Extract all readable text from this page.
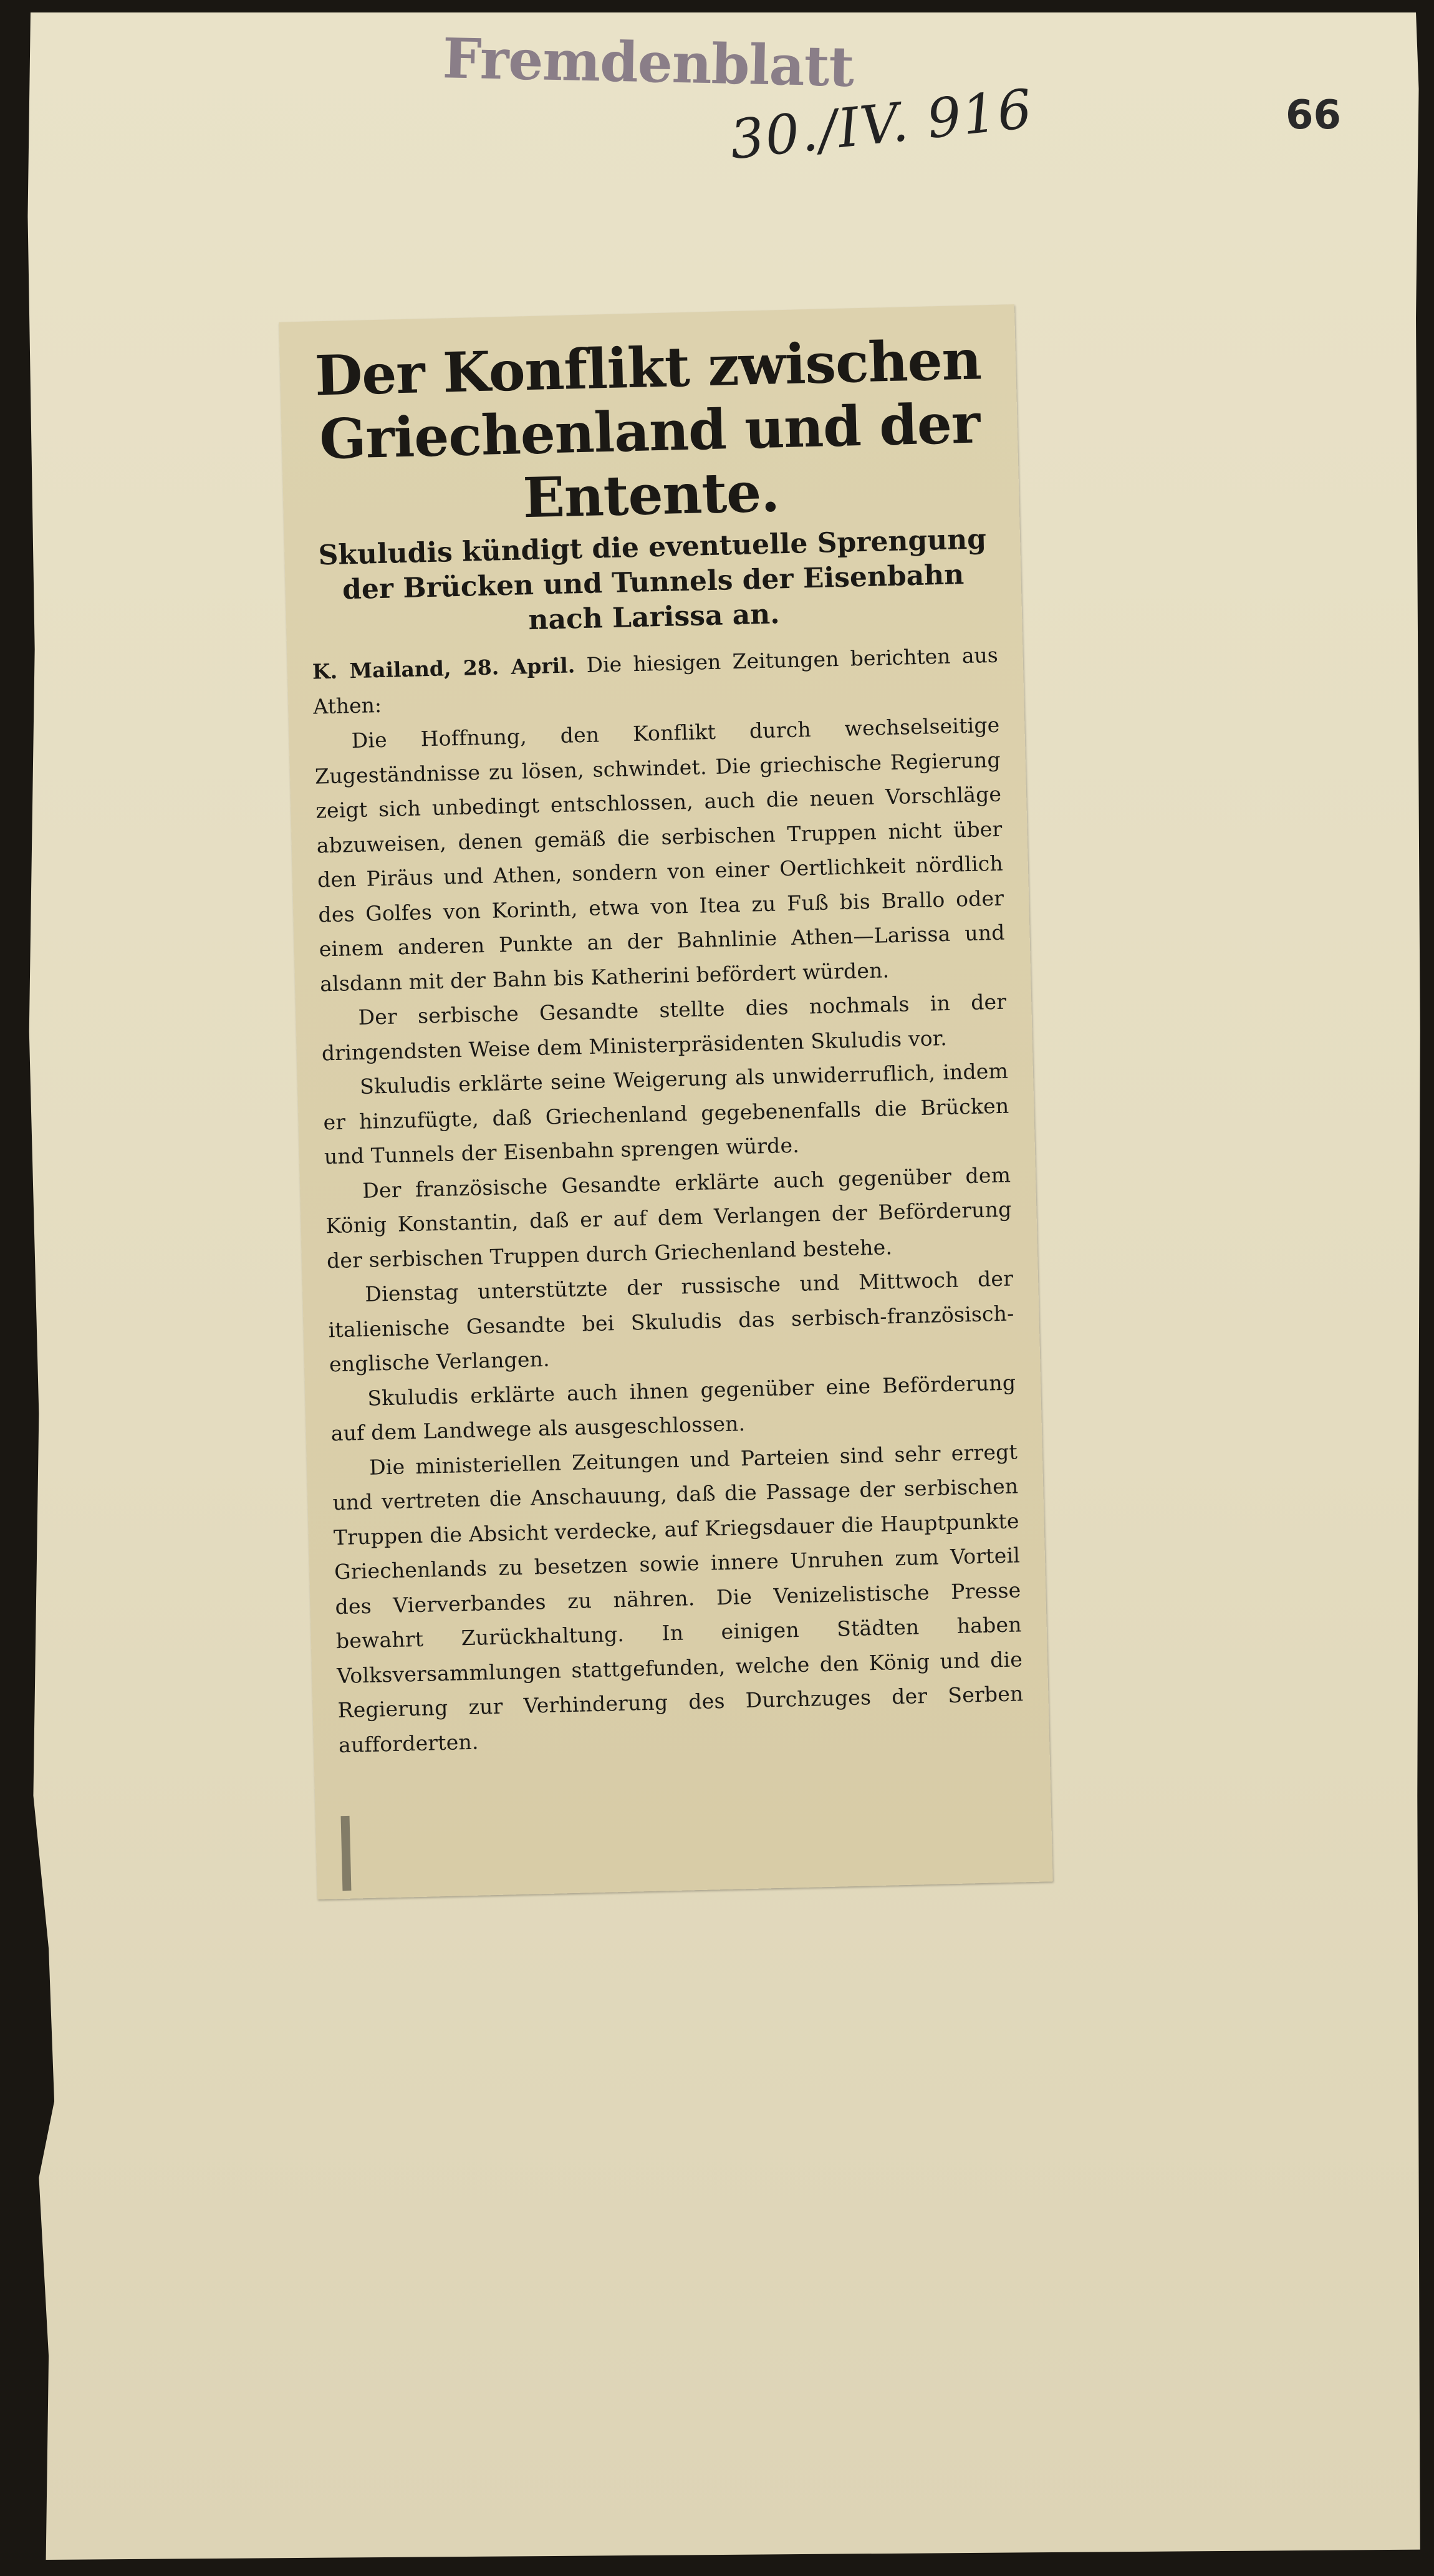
Fremdenblatt
30./IV. 916	66
Der Konflikt zwischen Griechenland und der Entente.
Skuludis kündigt die eventuelle Sprengung der Brücken und Tunnels der Eisenbahn nach Larissa an.

K. Mailand, 28. April. Die hiesigen Zeitungen berichten aus Athen:

Die Hoffnung, den Konflikt durch wechselseitige Zugeständnisse zu lösen, schwindet. Die griechische Regierung zeigt sich unbedingt entschlossen, auch die neuen Vorschläge abzuweisen, denen gemäß die serbischen Truppen nicht über den Piräus und Athen, sondern von einer Oertlichkeit nördlich des Golfes von Korinth, etwa von Itea zu Fuß bis Brallo oder einem anderen Punkte an der Bahnlinie Athen—Larissa und alsdann mit der Bahn bis Katherini befördert würden.

Der serbische Gesandte stellte dies nochmals in der dringendsten Weise dem Ministerpräsidenten Skuludis vor.

Skuludis erklärte seine Weigerung als unwiderruflich, indem er hinzufügte, daß Griechenland gegebenenfalls die Brücken und Tunnels der Eisenbahn sprengen würde.

Der französische Gesandte erklärte auch gegenüber dem König Konstantin, daß er auf dem Verlangen der Beförderung der serbischen Truppen durch Griechenland bestehe.

Dienstag unterstützte der russische und Mittwoch der italienische Gesandte bei Skuludis das serbisch-französisch-englische Verlangen.

Skuludis erklärte auch ihnen gegenüber eine Beförderung auf dem Landwege als ausgeschlossen.

Die ministeriellen Zeitungen und Parteien sind sehr erregt und vertreten die Anschauung, daß die Passage der serbischen Truppen die Absicht verdecke, auf Kriegsdauer die Hauptpunkte Griechenlands zu besetzen sowie innere Unruhen zum Vorteil des Vierverbandes zu nähren. Die Venizelistische Presse bewahrt Zurückhaltung. In einigen Städten haben Volksversammlungen stattgefunden, welche den König und die Regierung zur Verhinderung des Durchzuges der Serben aufforderten.
